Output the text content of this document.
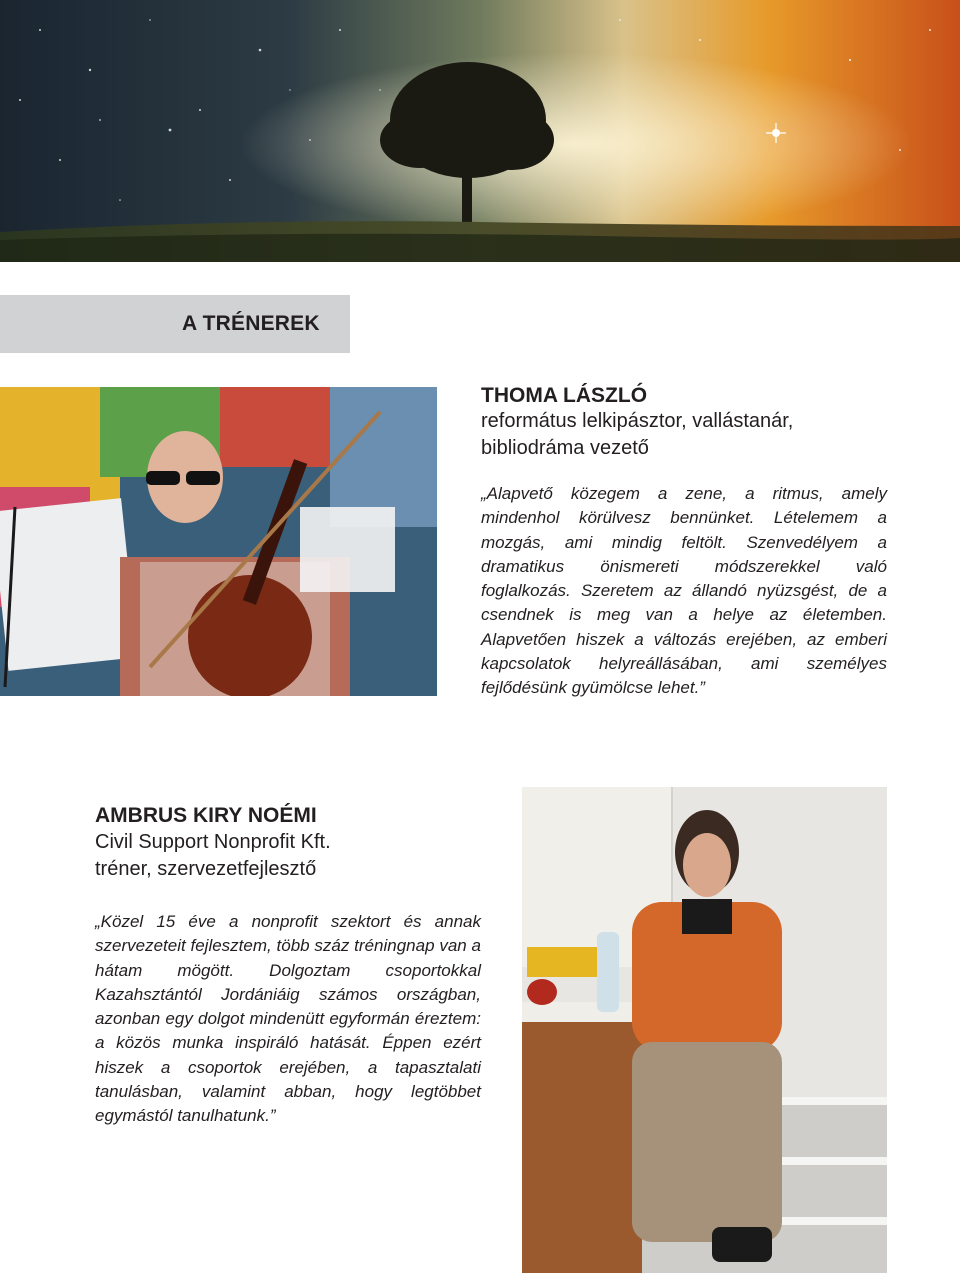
A TRÉNEREK

THOMA LÁSZLÓ

református lelkipásztor, vallástanár,
bibliodráma vezető

„Alapvető közegem a zene, a ritmus, amely mindenhol körülvesz bennünket. Lételemem a mozgás, ami mindig feltölt. Szenvedélyem a dramatikus önismereti módszerekkel való foglalkozás. Szeretem az állandó nyüzsgést, de a csendnek is meg van a helye az életemben. Alapvetően hiszek a változás erejében, az emberi kapcsolatok helyreállásában, ami személyes fejlődésünk gyümölcse lehet.”

AMBRUS KIRY NOÉMI

Civil Support Nonprofit Kft.
tréner, szervezetfejlesztő

„Közel 15 éve a nonprofit szektort és annak szervezeteit fejlesztem, több száz tréningnap van a hátam mögött. Dolgoztam csoportokkal Kazahsztántól Jordániáig számos országban, azonban egy dolgot mindenütt egyformán éreztem: a közös munka inspiráló hatását. Éppen ezért hiszek a csoportok erejében, a tapasztalati tanulásban, valamint abban, hogy legtöbbet egymástól tanulhatunk.”
